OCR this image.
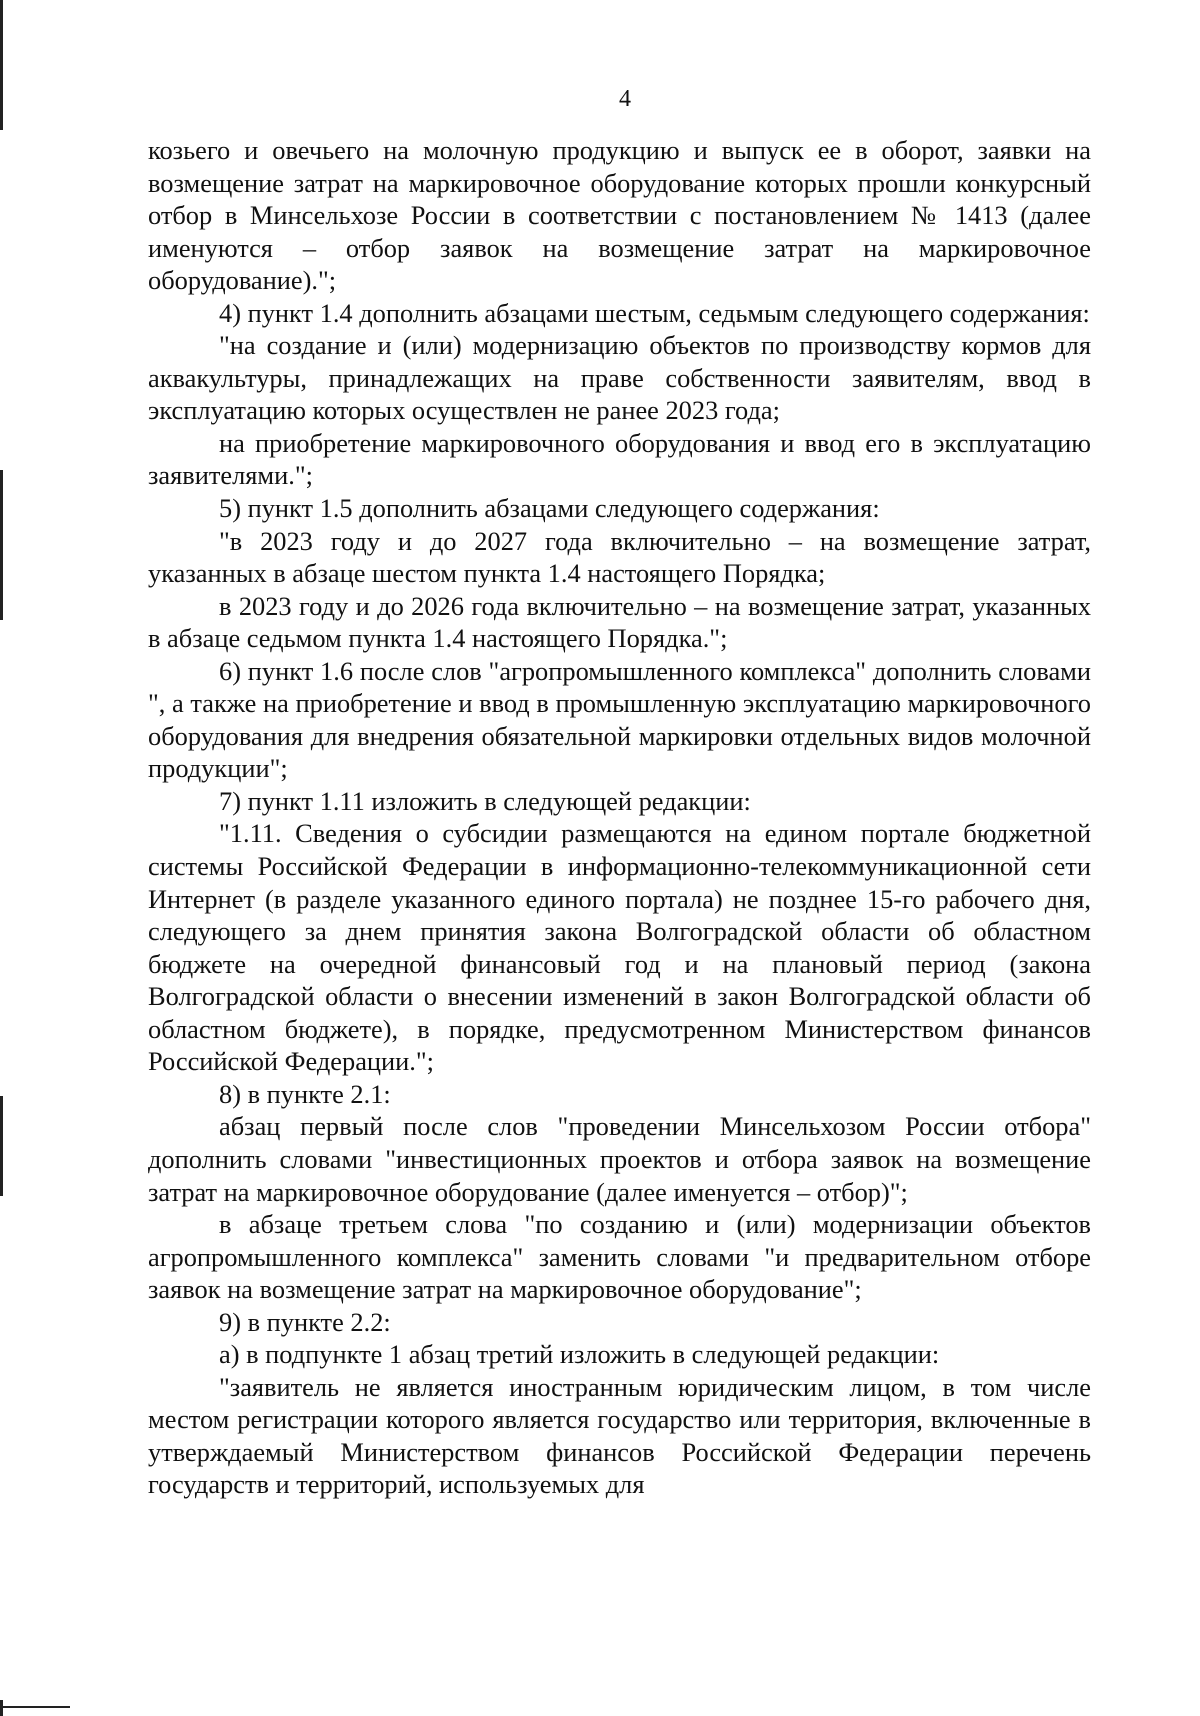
4

козьего и овечьего на молочную продукцию и выпуск ее в оборот, заявки на возмещение затрат на маркировочное оборудование которых прошли конкурсный отбор в Минсельхозе России в соответствии с постановлением № 1413 (далее именуются – отбор заявок на возмещение затрат на маркировочное оборудование).";

4) пункт 1.4 дополнить абзацами шестым, седьмым следующего содержания:

"на создание и (или) модернизацию объектов по производству кормов для аквакультуры, принадлежащих на праве собственности заявителям, ввод в эксплуатацию которых осуществлен не ранее 2023 года;

на приобретение маркировочного оборудования и ввод его в эксплуатацию заявителями.";

5) пункт 1.5 дополнить абзацами следующего содержания:

"в 2023 году и до 2027 года включительно – на возмещение затрат, указанных в абзаце шестом пункта 1.4 настоящего Порядка;

в 2023 году и до 2026 года включительно – на возмещение затрат, указанных в абзаце седьмом пункта 1.4 настоящего Порядка.";

6) пункт 1.6 после слов "агропромышленного комплекса" дополнить словами ", а также на приобретение и ввод в промышленную эксплуатацию маркировочного оборудования для внедрения обязательной маркировки отдельных видов молочной продукции";

7) пункт 1.11 изложить в следующей редакции:

"1.11. Сведения о субсидии размещаются на едином портале бюджетной системы Российской Федерации в информационно-телекоммуникационной сети Интернет (в разделе указанного единого портала) не позднее 15-го рабочего дня, следующего за днем принятия закона Волгоградской области об областном бюджете на очередной финансовый год и на плановый период (закона Волгоградской области о внесении изменений в закон Волгоградской области об областном бюджете), в порядке, предусмотренном Министерством финансов Российской Федерации.";

8) в пункте 2.1:

абзац первый после слов "проведении Минсельхозом России отбора" дополнить словами "инвестиционных проектов и отбора заявок на возмещение затрат на маркировочное оборудование (далее именуется – отбор)";

в абзаце третьем слова "по созданию и (или) модернизации объектов агропромышленного комплекса" заменить словами "и предварительном отборе заявок на возмещение затрат на маркировочное оборудование";

9) в пункте 2.2:

а) в подпункте 1 абзац третий изложить в следующей редакции:

"заявитель не является иностранным юридическим лицом, в том числе местом регистрации которого является государство или территория, включенные в утверждаемый Министерством финансов Российской Федерации перечень государств и территорий, используемых для
